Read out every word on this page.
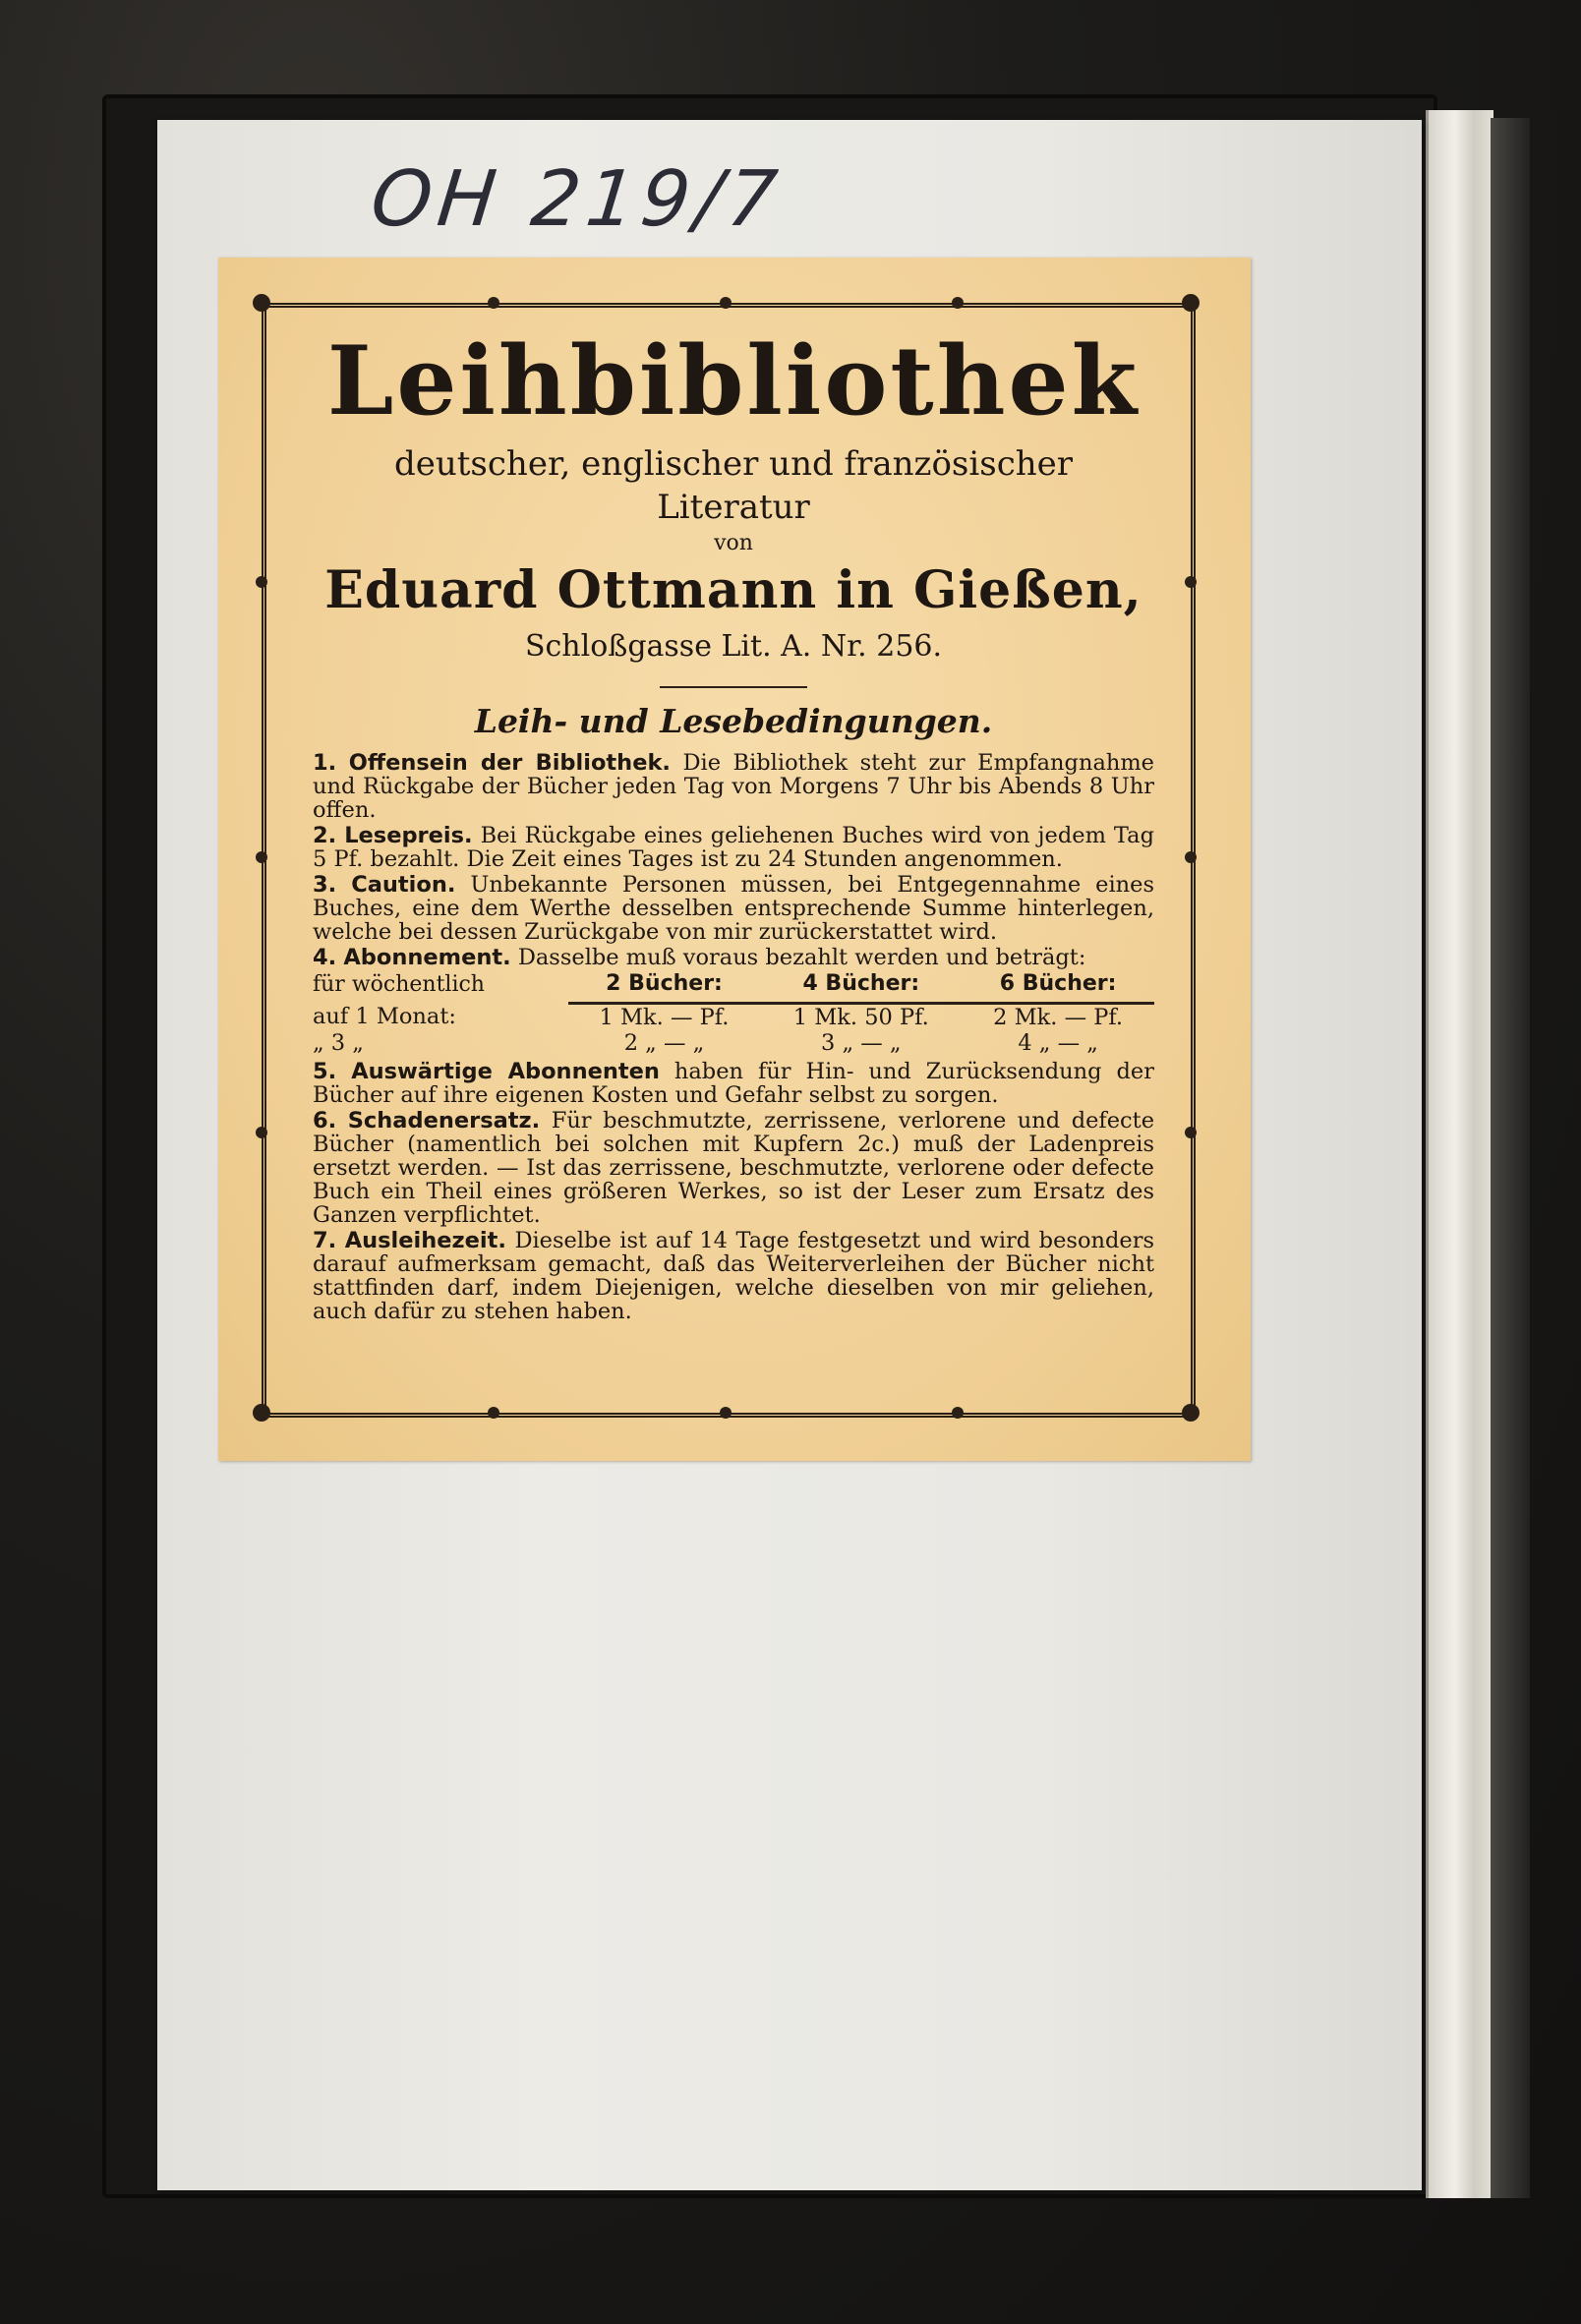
OH 219/7

Leihbibliothek

deutscher, englischer und französischer Literatur

von

Eduard Ottmann in Gießen,

Schloßgasse Lit. A. Nr. 256.

Leih- und Lesebedingungen.

1. Offensein der Bibliothek. Die Bibliothek steht zur Empfangnahme und Rückgabe der Bücher jeden Tag von Morgens 7 Uhr bis Abends 8 Uhr offen.

2. Lesepreis. Bei Rückgabe eines geliehenen Buches wird von jedem Tag 5 Pf. bezahlt. Die Zeit eines Tages ist zu 24 Stunden angenommen.

3. Caution. Unbekannte Personen müssen, bei Entgegennahme eines Buches, eine dem Werthe desselben entsprechende Summe hinterlegen, welche bei dessen Zurückgabe von mir zurückerstattet wird.

4. Abonnement. Dasselbe muß voraus bezahlt werden und beträgt:

für wöchentlich	2 Bücher:	4 Bücher:	6 Bücher:
auf 1 Monat:	1 Mk. — Pf.	1 Mk. 50 Pf.	2 Mk. — Pf.
„ 3 „	2 „ — „	3 „ — „	4 „ — „

5. Auswärtige Abonnenten haben für Hin- und Zurücksendung der Bücher auf ihre eigenen Kosten und Gefahr selbst zu sorgen.

6. Schadenersatz. Für beschmutzte, zerrissene, verlorene und defecte Bücher (namentlich bei solchen mit Kupfern 2c.) muß der Ladenpreis ersetzt werden. — Ist das zerrissene, beschmutzte, verlorene oder defecte Buch ein Theil eines größeren Werkes, so ist der Leser zum Ersatz des Ganzen verpflichtet.

7. Ausleihezeit. Dieselbe ist auf 14 Tage festgesetzt und wird besonders darauf aufmerksam gemacht, daß das Weiterverleihen der Bücher nicht stattfinden darf, indem Diejenigen, welche dieselben von mir geliehen, auch dafür zu stehen haben.
